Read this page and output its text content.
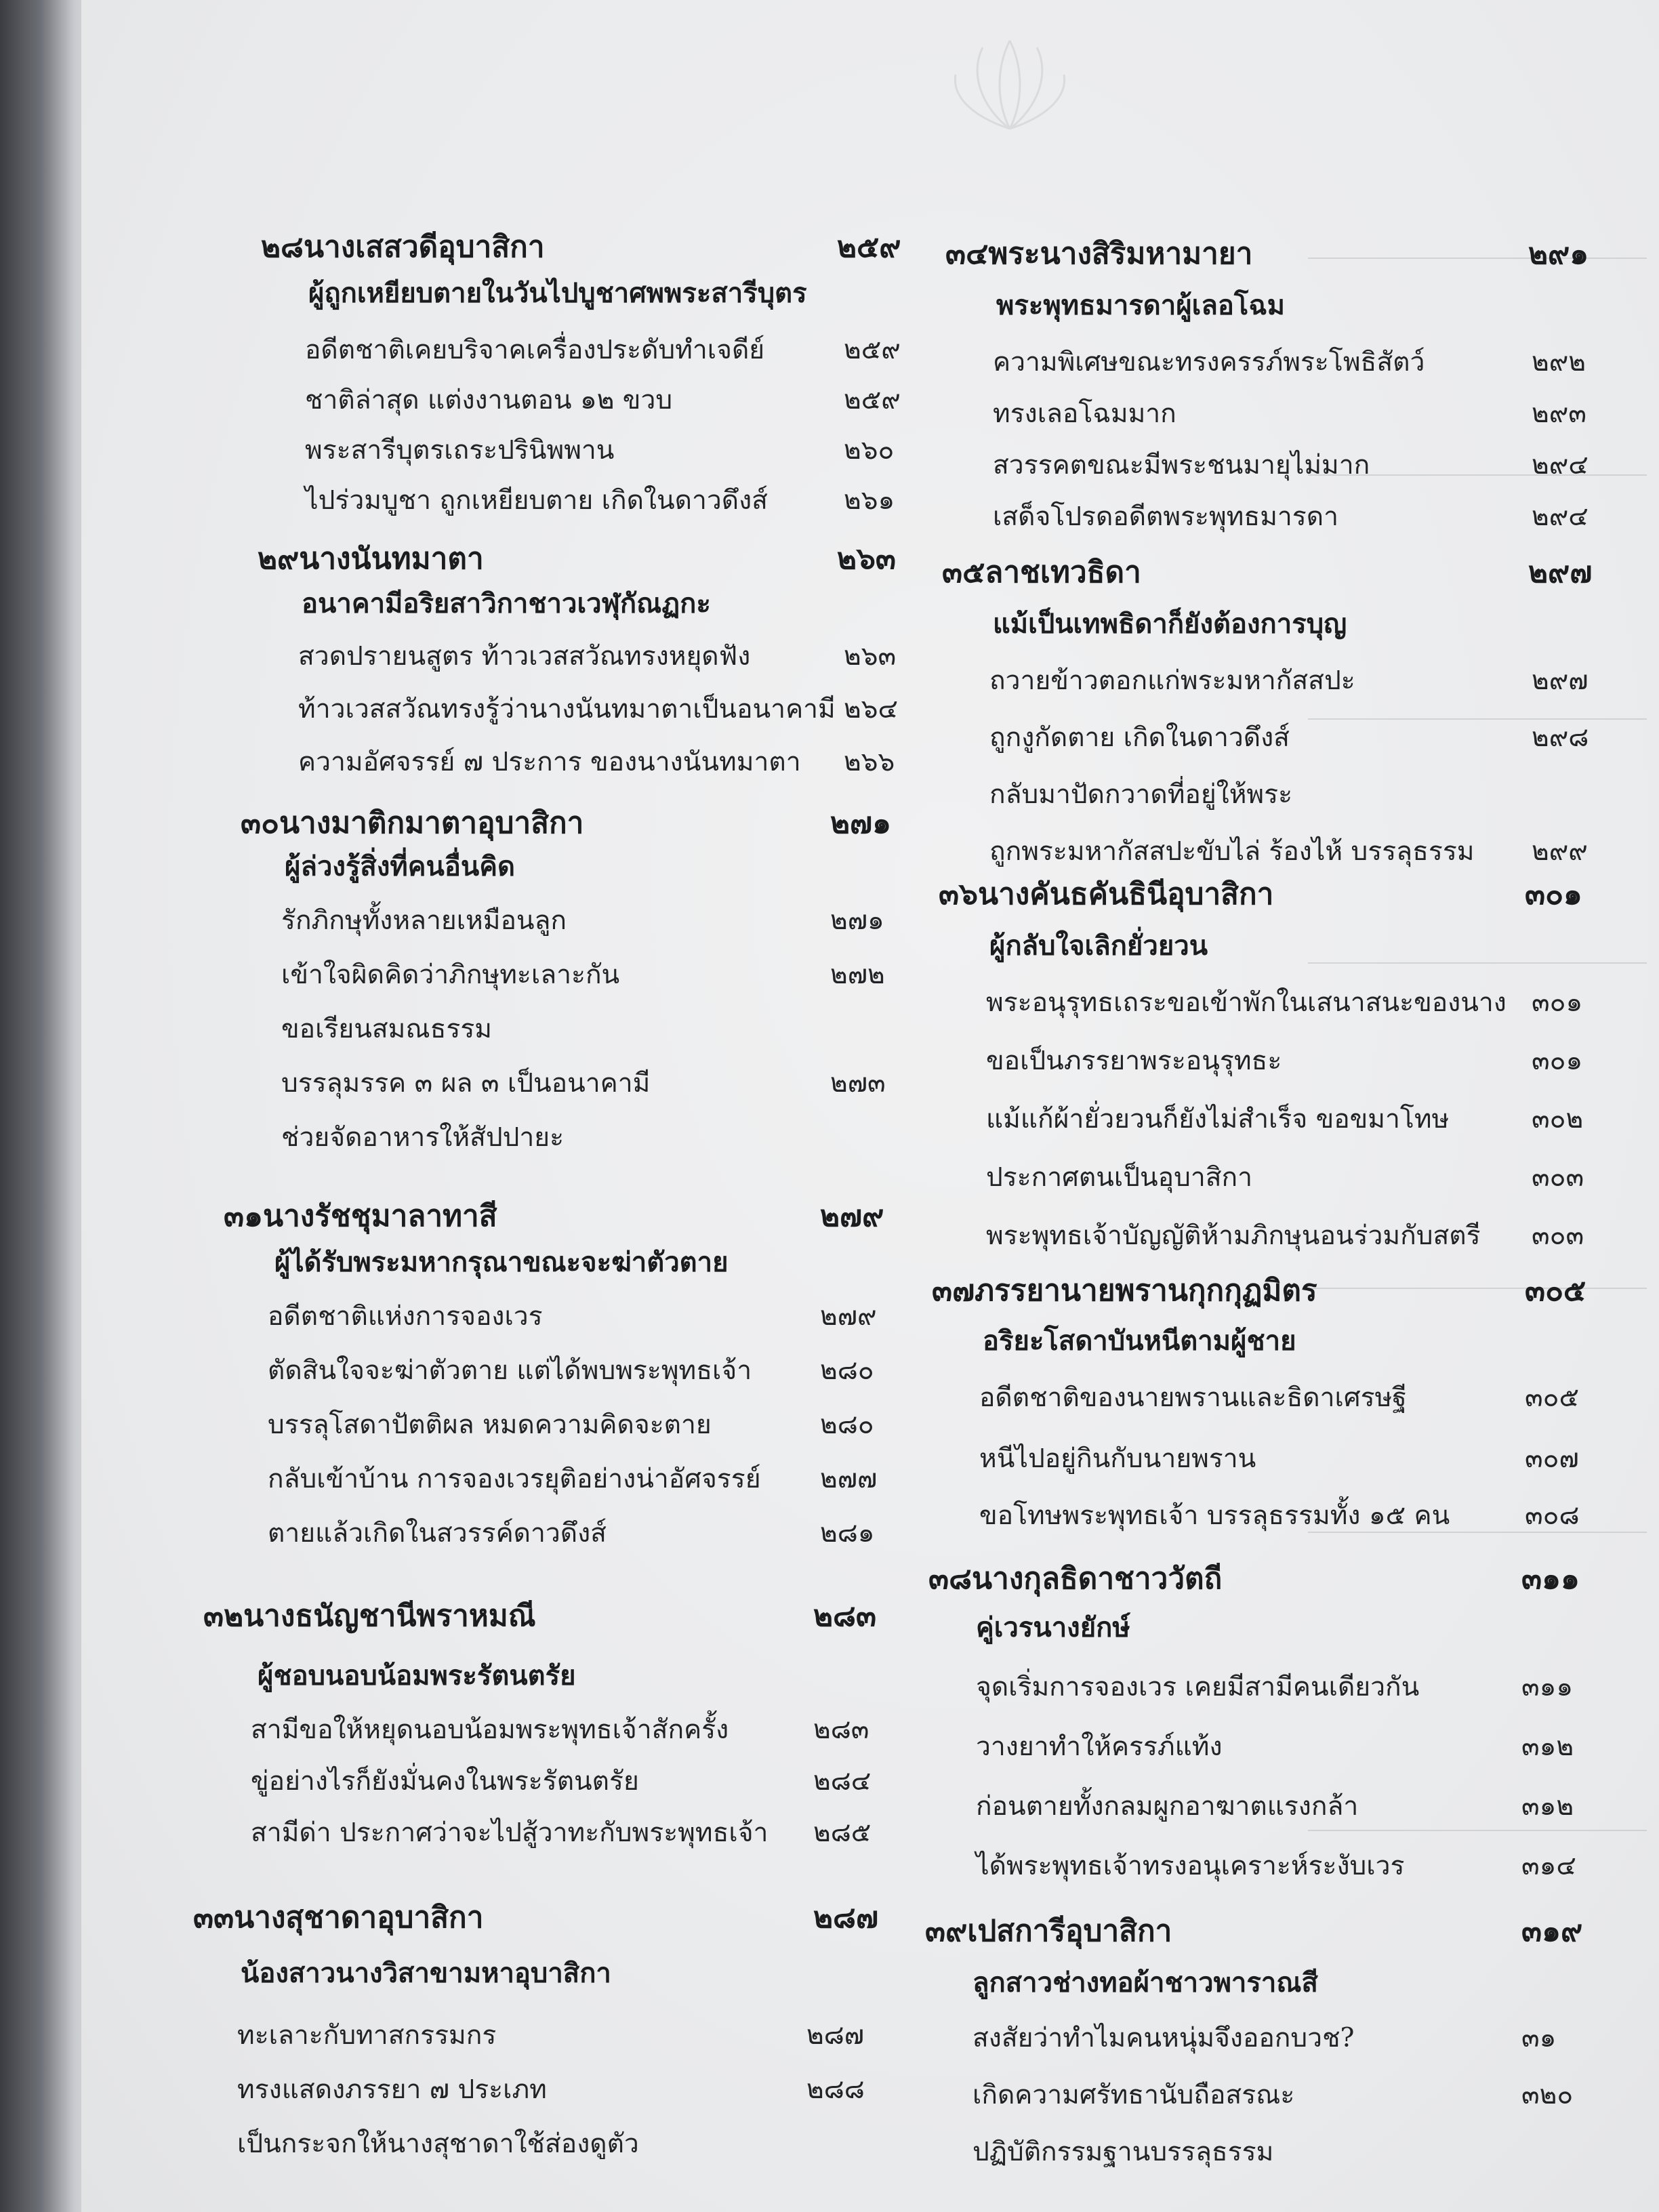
๒๘นางเสสวดีอุบาสิกา	๒๕๙
ผู้ถูกเหยียบตายในวันไปบูชาศพพระสารีบุตร
อดีตชาติเคยบริจาคเครื่องประดับทำเจดีย์	๒๕๙
ชาติล่าสุด แต่งงานตอน ๑๒ ขวบ	๒๕๙
พระสารีบุตรเถระปรินิพพาน	๒๖๐
ไปร่วมบูชา ถูกเหยียบตาย เกิดในดาวดึงส์	๒๖๑
๒๙นางนันทมาตา	๒๖๓
อนาคามีอริยสาวิกาชาวเวฬุกัณฏกะ
สวดปรายนสูตร ท้าวเวสสวัณทรงหยุดฟัง	๒๖๓
ท้าวเวสสวัณทรงรู้ว่านางนันทมาตาเป็นอนาคามี ๒๖๔
ความอัศจรรย์ ๗ ประการ ของนางนันทมาตา ๒๖๖
๓๐นางมาติกมาตาอุบาสิกา	๒๗๑
ผู้ล่วงรู้สิ่งที่คนอื่นคิด
รักภิกษุทั้งหลายเหมือนลูก	๒๗๑
เข้าใจผิดคิดว่าภิกษุทะเลาะกัน	๒๗๒
ขอเรียนสมณธรรม
บรรลุมรรค ๓ ผล ๓ เป็นอนาคามี	๒๗๓
ช่วยจัดอาหารให้สัปปายะ
๓๑นางรัชชุมาลาทาสี	๒๗๙
ผู้ได้รับพระมหากรุณาขณะจะฆ่าตัวตาย
อดีตชาติแห่งการจองเวร	๒๗๙
ตัดสินใจจะฆ่าตัวตาย แต่ได้พบพระพุทธเจ้า	๒๘๐
บรรลุโสดาปัตติผล หมดความคิดจะตาย	๒๘๐
กลับเข้าบ้าน การจองเวรยุติอย่างน่าอัศจรรย์ ๒๗๗
ตายแล้วเกิดในสวรรค์ดาวดึงส์	๒๘๑
๓๒นางธนัญชานีพราหมณี	๒๘๓
ผู้ชอบนอบน้อมพระรัตนตรัย
สามีขอให้หยุดนอบน้อมพระพุทธเจ้าสักครั้ง	๒๘๓
ขู่อย่างไรก็ยังมั่นคงในพระรัตนตรัย	๒๘๔
สามีด่า ประกาศว่าจะไปสู้วาทะกับพระพุทธเจ้า ๒๘๕
๓๓นางสุชาดาอุบาสิกา	๒๘๗
น้องสาวนางวิสาขามหาอุบาสิกา
ทะเลาะกับทาสกรรมกร	๒๘๗
ทรงแสดงภรรยา ๗ ประเภท	๒๘๘
เป็นกระจกให้นางสุชาดาใช้ส่องดูตัว
๓๔พระนางสิริมหามายา	๒๙๑
พระพุทธมารดาผู้เลอโฉม
ความพิเศษขณะทรงครรภ์พระโพธิสัตว์	๒๙๒
ทรงเลอโฉมมาก	๒๙๓
สวรรคตขณะมีพระชนมายุไม่มาก	๒๙๔
เสด็จโปรดอดีตพระพุทธมารดา	๒๙๔
๓๕ลาชเทวธิดา	๒๙๗
แม้เป็นเทพธิดาก็ยังต้องการบุญ
ถวายข้าวตอกแก่พระมหากัสสปะ	๒๙๗
ถูกงูกัดตาย เกิดในดาวดึงส์	๒๙๘
กลับมาปัดกวาดที่อยู่ให้พระ
ถูกพระมหากัสสปะขับไล่ ร้องไห้ บรรลุธรรม ๒๙๙
๓๖นางคันธคันธินีอุบาสิกา	๓๐๑
ผู้กลับใจเลิกยั่วยวน
พระอนุรุทธเถระขอเข้าพักในเสนาสนะของนาง ๓๐๑
ขอเป็นภรรยาพระอนุรุทธะ	๓๐๑
แม้แก้ผ้ายั่วยวนก็ยังไม่สำเร็จ ขอขมาโทษ	๓๐๒
ประกาศตนเป็นอุบาสิกา	๓๐๓
พระพุทธเจ้าบัญญัติห้ามภิกษุนอนร่วมกับสตรี ๓๐๓
๓๗ภรรยานายพรานกุกกุฏมิตร	๓๐๕
อริยะโสดาบันหนีตามผู้ชาย
อดีตชาติของนายพรานและธิดาเศรษฐี	๓๐๕
หนีไปอยู่กินกับนายพราน	๓๐๗
ขอโทษพระพุทธเจ้า บรรลุธรรมทั้ง ๑๕ คน	๓๐๘
๓๘นางกุลธิดาชาววัตถี	๓๑๑
คู่เวรนางยักษ์
จุดเริ่มการจองเวร เคยมีสามีคนเดียวกัน	๓๑๑
วางยาทำให้ครรภ์แท้ง	๓๑๒
ก่อนตายทั้งกลมผูกอาฆาตแรงกล้า	๓๑๒
ได้พระพุทธเจ้าทรงอนุเคราะห์ระงับเวร	๓๑๔
๓๙เปสการีอุบาสิกา	๓๑๙
ลูกสาวช่างทอผ้าชาวพาราณสี
สงสัยว่าทำไมคนหนุ่มจึงออกบวช?	๓๑
เกิดความศรัทธานับถือสรณะ	๓๒๐
ปฏิบัติกรรมฐานบรรลุธรรม
